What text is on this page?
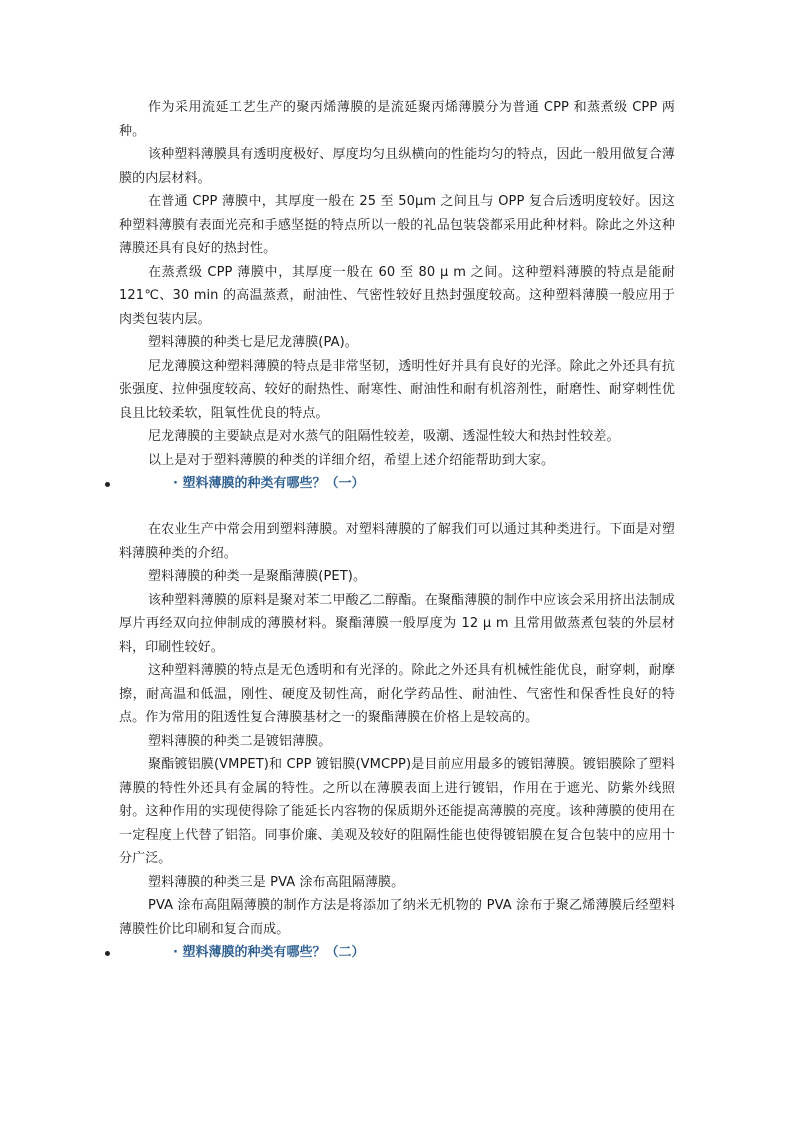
作为采用流延工艺生产的聚丙烯薄膜的是流延聚丙烯薄膜分为普通 CPP 和蒸煮级 CPP 两种。

该种塑料薄膜具有透明度极好、厚度均匀且纵横向的性能均匀的特点，因此一般用做复合薄膜的内层材料。

在普通 CPP 薄膜中，其厚度一般在 25 至 50μm 之间且与 OPP 复合后透明度较好。因这种塑料薄膜有表面光亮和手感坚挺的特点所以一般的礼品包装袋都采用此种材料。除此之外这种薄膜还具有良好的热封性。

在蒸煮级 CPP 薄膜中，其厚度一般在 60 至 80 μ m 之间。这种塑料薄膜的特点是能耐 121℃、30 min 的高温蒸煮，耐油性、气密性较好且热封强度较高。这种塑料薄膜一般应用于肉类包装内层。

塑料薄膜的种类七是尼龙薄膜(PA)。

尼龙薄膜这种塑料薄膜的特点是非常坚韧，透明性好并具有良好的光泽。除此之外还具有抗张强度、拉伸强度较高、较好的耐热性、耐寒性、耐油性和耐有机溶剂性，耐磨性、耐穿刺性优良且比较柔软，阻氧性优良的特点。

尼龙薄膜的主要缺点是对水蒸气的阻隔性较差，吸潮、透湿性较大和热封性较差。

以上是对于塑料薄膜的种类的详细介绍，希望上述介绍能帮助到大家。

· 塑料薄膜的种类有哪些？（一）

在农业生产中常会用到塑料薄膜。对塑料薄膜的了解我们可以通过其种类进行。下面是对塑料薄膜种类的介绍。

塑料薄膜的种类一是聚酯薄膜(PET)。

该种塑料薄膜的原料是聚对苯二甲酸乙二醇酯。在聚酯薄膜的制作中应该会采用挤出法制成厚片再经双向拉伸制成的薄膜材料。聚酯薄膜一般厚度为 12 μ m 且常用做蒸煮包装的外层材料，印刷性较好。

这种塑料薄膜的特点是无色透明和有光泽的。除此之外还具有机械性能优良，耐穿刺，耐摩擦，耐高温和低温，刚性、硬度及韧性高，耐化学药品性、耐油性、气密性和保香性良好的特点。作为常用的阻透性复合薄膜基材之一的聚酯薄膜在价格上是较高的。

塑料薄膜的种类二是镀铝薄膜。

聚酯镀铝膜(VMPET)和 CPP 镀铝膜(VMCPP)是目前应用最多的镀铝薄膜。镀铝膜除了塑料薄膜的特性外还具有金属的特性。之所以在薄膜表面上进行镀铝，作用在于遮光、防紫外线照射。这种作用的实现使得除了能延长内容物的保质期外还能提高薄膜的亮度。该种薄膜的使用在一定程度上代替了铝箔。同事价廉、美观及较好的阻隔性能也使得镀铝膜在复合包装中的应用十分广泛。

塑料薄膜的种类三是 PVA 涂布高阻隔薄膜。

PVA 涂布高阻隔薄膜的制作方法是将添加了纳米无机物的 PVA 涂布于聚乙烯薄膜后经塑料薄膜性价比印刷和复合而成。

· 塑料薄膜的种类有哪些？（二）
